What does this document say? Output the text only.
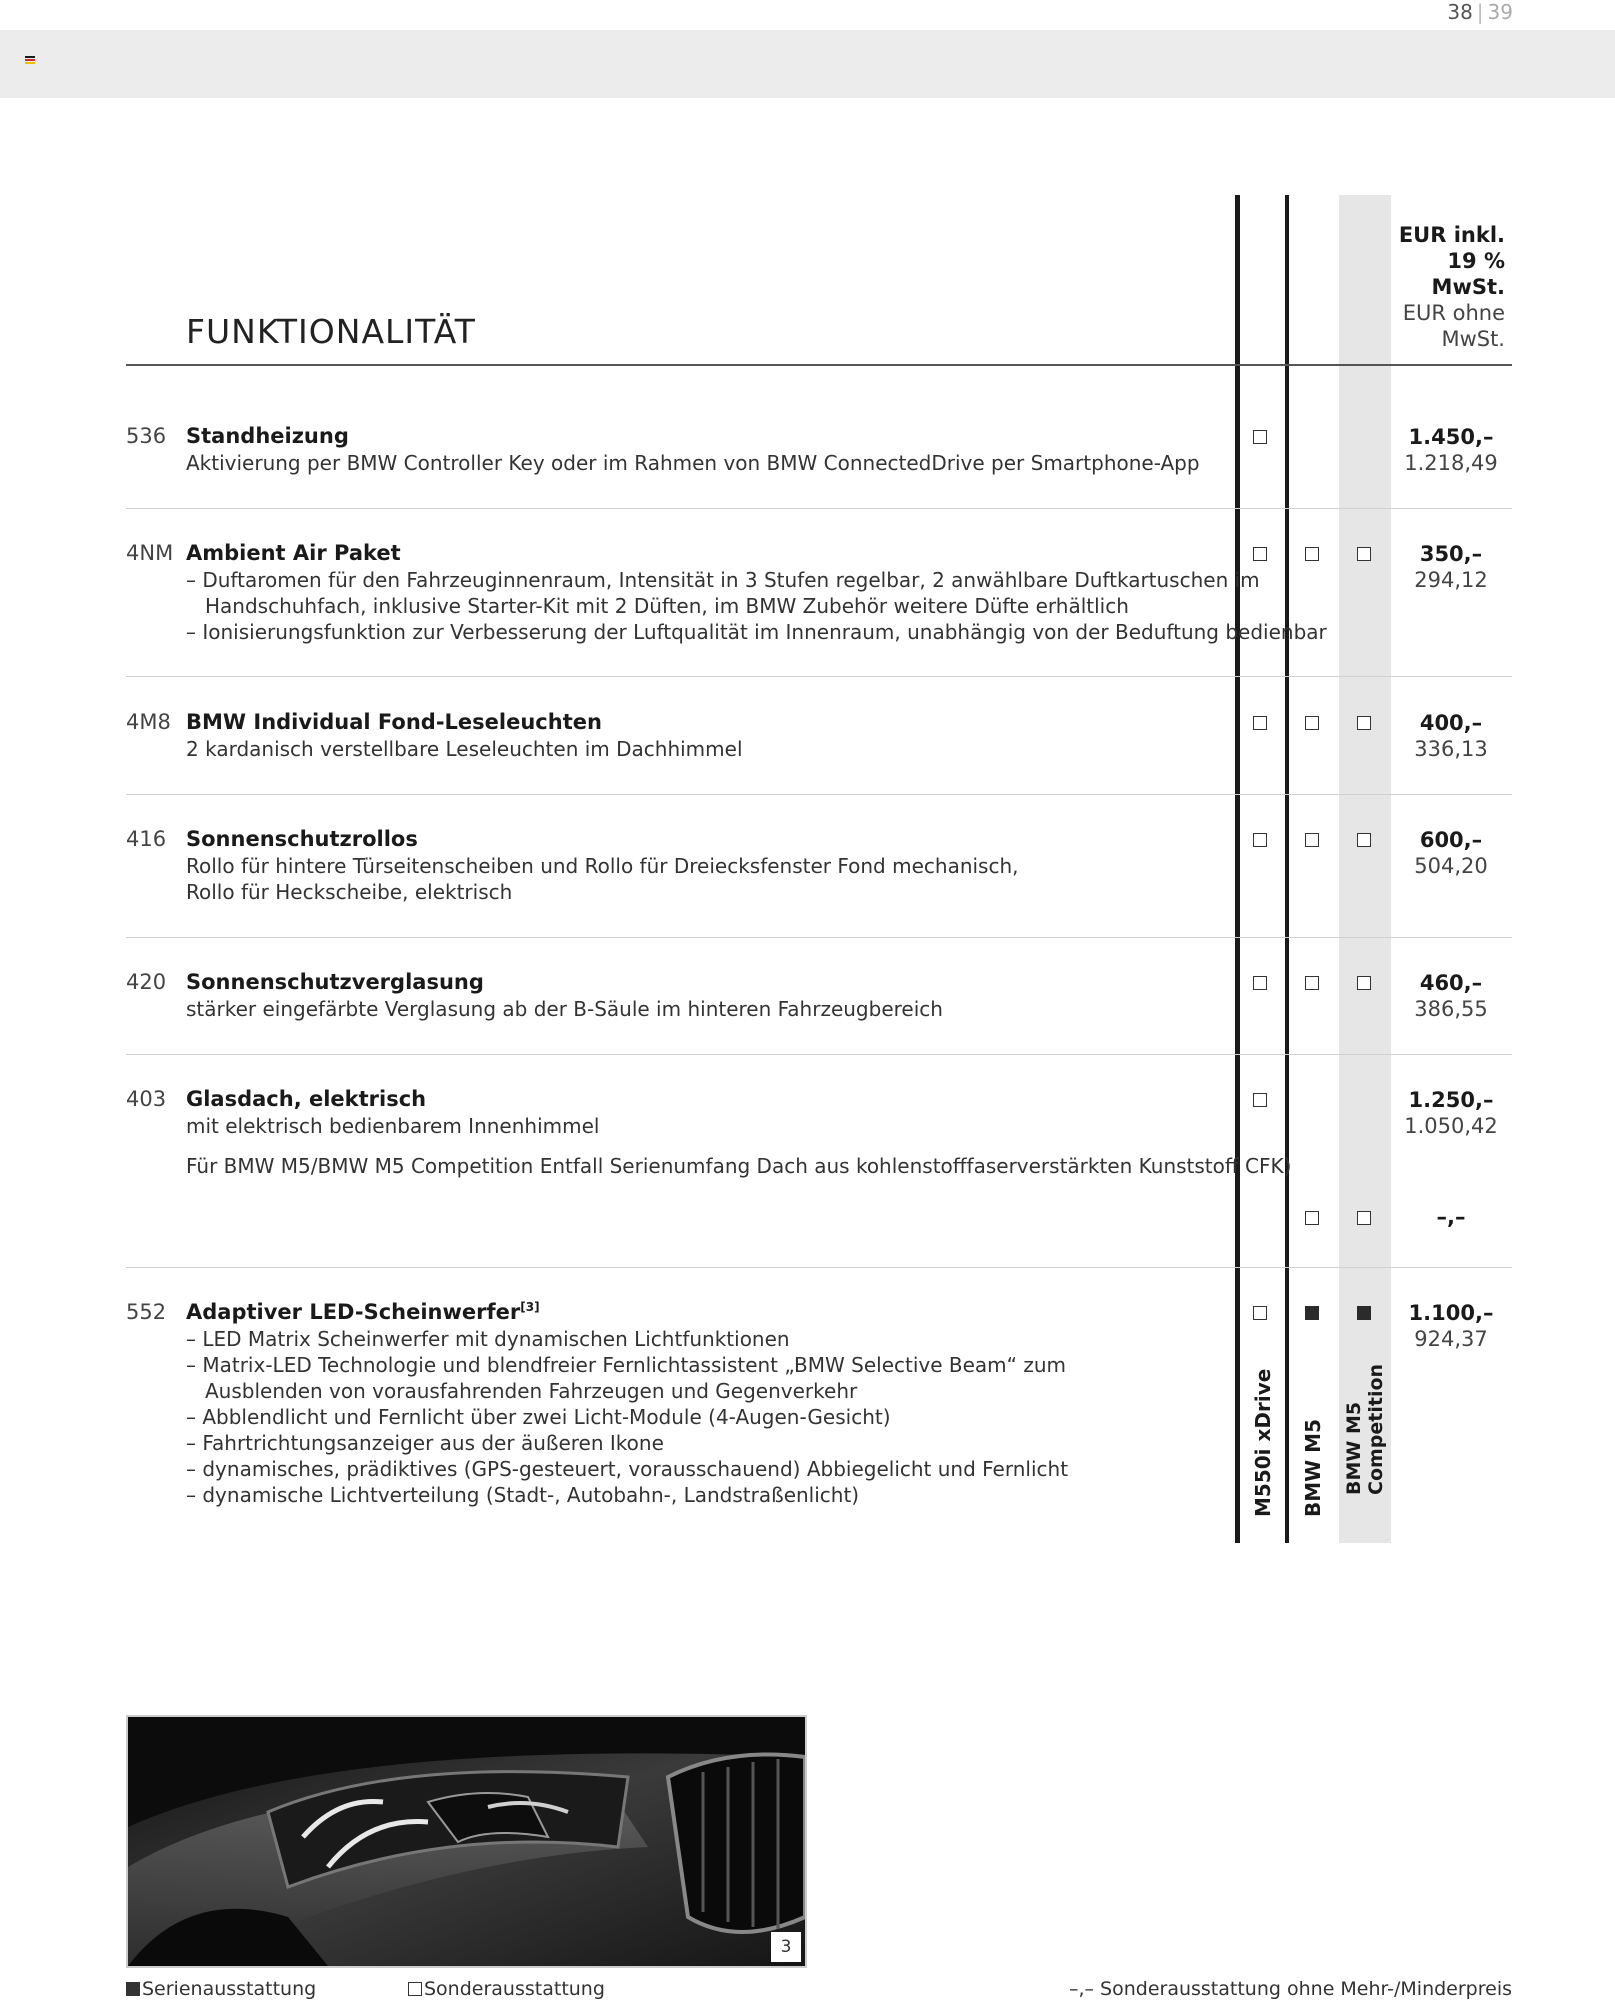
38 | 39
M550i xDrive BMW M5 BMW M5 Competition
FUNKTIONALITÄT
EUR inkl. 19 % MwSt.
EUR ohne MwSt.
536 Standheizung
Aktivierung per BMW Controller Key oder im Rahmen von BMW ConnectedDrive per Smartphone-App
1.450,–
1.218,49
4NM Ambient Air Paket
– Duftaromen für den Fahrzeuginnenraum, Intensität in 3 Stufen regelbar, 2 anwählbare Duftkartuschen im Handschuhfach, inklusive Starter-Kit mit 2 Düften, im BMW Zubehör weitere Düfte erhältlich
– Ionisierungsfunktion zur Verbesserung der Luftqualität im Innenraum, unabhängig von der Beduftung bedienbar
350,–
294,12
4M8 BMW Individual Fond-Leseleuchten
2 kardanisch verstellbare Leseleuchten im Dachhimmel
400,–
336,13
416 Sonnenschutzrollos
Rollo für hintere Türseitenscheiben und Rollo für Dreiecksfenster Fond mechanisch,
Rollo für Heckscheibe, elektrisch
600,–
504,20
420 Sonnenschutzverglasung
stärker eingefärbte Verglasung ab der B-Säule im hinteren Fahrzeugbereich
460,–
386,55
403 Glasdach, elektrisch
mit elektrisch bedienbarem Innenhimmel
Für BMW M5/BMW M5 Competition Entfall Serienumfang Dach aus kohlenstofffaserverstärkten Kunststoff CFK)
1.250,–
1.050,42
–,–
552 Adaptiver LED-Scheinwerfer[3]
– LED Matrix Scheinwerfer mit dynamischen Lichtfunktionen
– Matrix-LED Technologie und blendfreier Fernlichtassistent „BMW Selective Beam“ zum Ausblenden von vorausfahrenden Fahrzeugen und Gegenverkehr
– Abblendlicht und Fernlicht über zwei Licht-Module (4-Augen-Gesicht)
– Fahrtrichtungsanzeiger aus der äußeren Ikone
– dynamisches, prädiktives (GPS-gesteuert, vorausschauend) Abbiegelicht und Fernlicht
– dynamische Lichtverteilung (Stadt-, Autobahn-, Landstraßenlicht)
1.100,–
924,37
3
Serienausstattung	Sonderausstattung	–,– Sonderausstattung ohne Mehr-/Minderpreis
